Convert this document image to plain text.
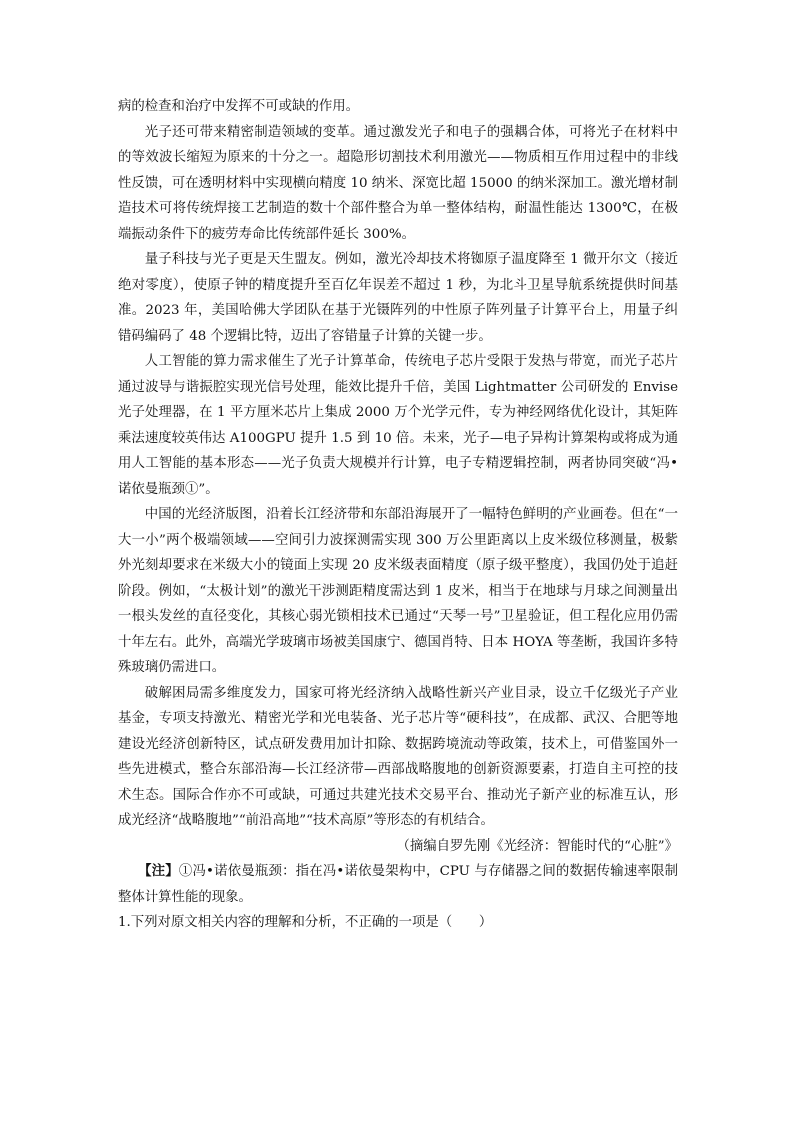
病的检查和治疗中发挥不可或缺的作用。

光子还可带来精密制造领域的变革。通过激发光子和电子的强耦合体，可将光子在材料中的等效波长缩短为原来的十分之一。超隐形切割技术利用激光——物质相互作用过程中的非线性反馈，可在透明材料中实现横向精度 10 纳米、深宽比超 15000 的纳米深加工。激光增材制造技术可将传统焊接工艺制造的数十个部件整合为单一整体结构，耐温性能达 1300℃，在极端振动条件下的疲劳寿命比传统部件延长 300%。

量子科技与光子更是天生盟友。例如，激光冷却技术将铷原子温度降至 1 微开尔文（接近绝对零度），使原子钟的精度提升至百亿年误差不超过 1 秒，为北斗卫星导航系统提供时间基准。2023 年，美国哈佛大学团队在基于光镊阵列的中性原子阵列量子计算平台上，用量子纠错码编码了 48 个逻辑比特，迈出了容错量子计算的关键一步。

人工智能的算力需求催生了光子计算革命，传统电子芯片受限于发热与带宽，而光子芯片通过波导与谐振腔实现光信号处理，能效比提升千倍，美国 Lightmatter 公司研发的 Envise 光子处理器，在 1 平方厘米芯片上集成 2000 万个光学元件，专为神经网络优化设计，其矩阵乘法速度较英伟达 A100GPU 提升 1.5 到 10 倍。未来，光子—电子异构计算架构或将成为通用人工智能的基本形态——光子负责大规模并行计算，电子专精逻辑控制，两者协同突破“冯•诺依曼瓶颈①”。

中国的光经济版图，沿着长江经济带和东部沿海展开了一幅特色鲜明的产业画卷。但在“一大一小”两个极端领域——空间引力波探测需实现 300 万公里距离以上皮米级位移测量，极紫外光刻却要求在米级大小的镜面上实现 20 皮米级表面精度（原子级平整度），我国仍处于追赶阶段。例如，“太极计划”的激光干涉测距精度需达到 1 皮米，相当于在地球与月球之间测量出一根头发丝的直径变化，其核心弱光锁相技术已通过“天琴一号”卫星验证，但工程化应用仍需十年左右。此外，高端光学玻璃市场被美国康宁、德国肖特、日本 HOYA 等垄断，我国许多特殊玻璃仍需进口。

破解困局需多维度发力，国家可将光经济纳入战略性新兴产业目录，设立千亿级光子产业基金，专项支持激光、精密光学和光电装备、光子芯片等“硬科技”，在成都、武汉、合肥等地建设光经济创新特区，试点研发费用加计扣除、数据跨境流动等政策，技术上，可借鉴国外一些先进模式，整合东部沿海—长江经济带—西部战略腹地的创新资源要素，打造自主可控的技术生态。国际合作亦不可或缺，可通过共建光技术交易平台、推动光子新产业的标准互认，形成光经济“战略腹地”“前沿高地”“技术高原”等形态的有机结合。

（摘编自罗先刚《光经济：智能时代的“心脏”》

【注】①冯•诺依曼瓶颈：指在冯•诺依曼架构中，CPU 与存储器之间的数据传输速率限制整体计算性能的现象。

1.下列对原文相关内容的理解和分析，不正确的一项是（　　）
